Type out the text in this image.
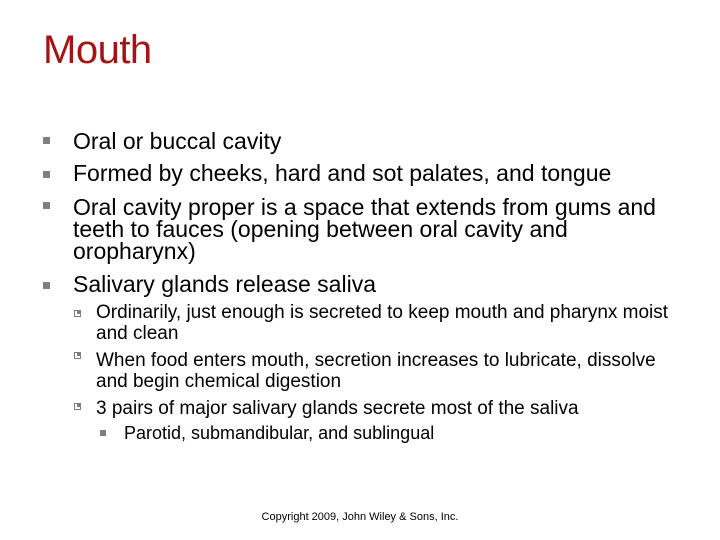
Mouth
Oral or buccal cavity
Formed by cheeks, hard and sot palates, and tongue
Oral cavity proper is a space that extends from gums and teeth to fauces (opening between oral cavity and oropharynx)
Salivary glands release saliva
Ordinarily, just enough is secreted to keep mouth and pharynx moist and clean
When food enters mouth, secretion increases to lubricate, dissolve and begin chemical digestion
3 pairs of major salivary glands secrete most of the saliva
Parotid, submandibular, and sublingual
Copyright 2009, John Wiley & Sons, Inc.
